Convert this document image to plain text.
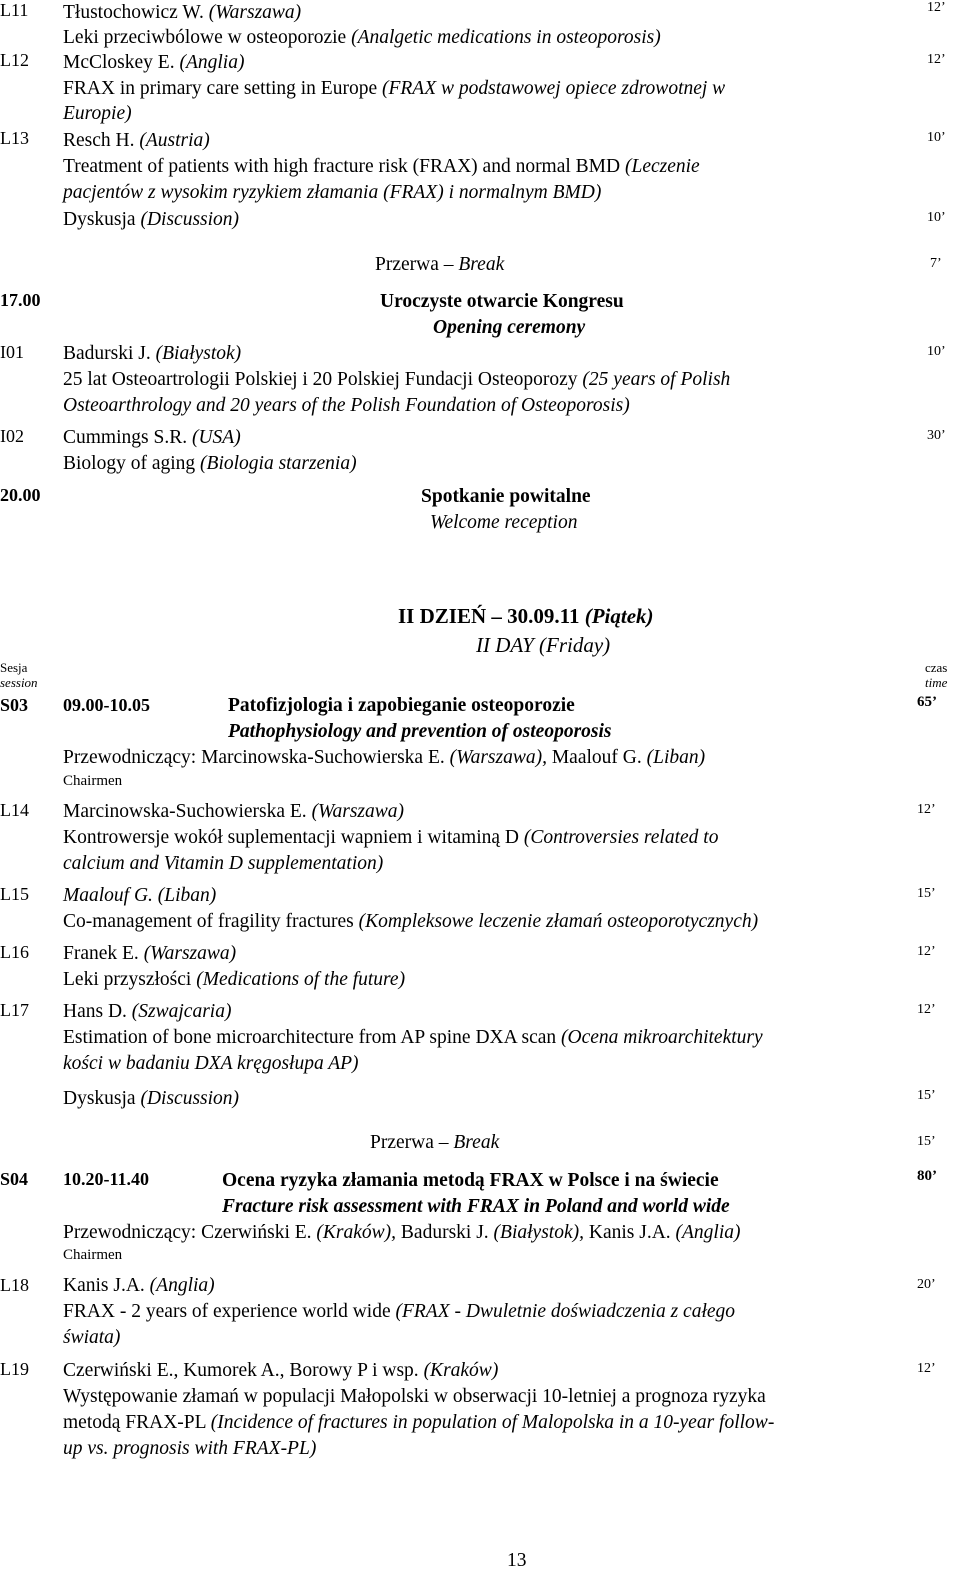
L11 Tłustochowicz W. (Warszawa)	12’
Leki przeciwbólowe w osteoporozie (Analgetic medications in osteoporosis)
L12 McCloskey E. (Anglia)	12’
FRAX in primary care setting in Europe (FRAX w podstawowej opiece zdrowotnej w
Europie)
L13 Resch H. (Austria)	10’
Treatment of patients with high fracture risk (FRAX) and normal BMD (Leczenie
pacjentów z wysokim ryzykiem złamania (FRAX) i normalnym BMD)
Dyskusja (Discussion)	10’
Przerwa – Break	7’
17.00	Uroczyste otwarcie Kongresu
Opening ceremony
I01 Badurski J. (Białystok)	10’
25 lat Osteoartrologii Polskiej i 20 Polskiej Fundacji Osteoporozy (25 years of Polish
Osteoarthrology and 20 years of the Polish Foundation of Osteoporosis)
I02 Cummings S.R. (USA)	30’
Biology of aging (Biologia starzenia)
20.00	Spotkanie powitalne
Welcome reception
II DZIEŃ – 30.09.11 (Piątek)
II DAY (Friday)
Sesja
session
czas
time
S03 09.00-10.05	Patofizjologia i zapobieganie osteoporozie	65’
Pathophysiology and prevention of osteoporosis
Przewodniczący: Marcinowska-Suchowierska E. (Warszawa), Maalouf G. (Liban)
Chairmen
L14 Marcinowska-Suchowierska E. (Warszawa)	12’
Kontrowersje wokół suplementacji wapniem i witaminą D (Controversies related to
calcium and Vitamin D supplementation)
L15 Maalouf G. (Liban)	15’
Co-management of fragility fractures (Kompleksowe leczenie złamań osteoporotycznych)
L16 Franek E. (Warszawa)	12’
Leki przyszłości (Medications of the future)
L17 Hans D. (Szwajcaria)	12’
Estimation of bone microarchitecture from AP spine DXA scan (Ocena mikroarchitektury
kości w badaniu DXA kręgosłupa AP)
Dyskusja (Discussion)	15’
Przerwa – Break	15’
S04 10.20-11.40	Ocena ryzyka złamania metodą FRAX w Polsce i na świecie	80’
Fracture risk assessment with FRAX in Poland and world wide
Przewodniczący: Czerwiński E. (Kraków), Badurski J. (Białystok), Kanis J.A. (Anglia)
Chairmen
L18 Kanis J.A. (Anglia)	20’
FRAX - 2 years of experience world wide (FRAX - Dwuletnie doświadczenia z całego
świata)
L19 Czerwiński E., Kumorek A., Borowy P i wsp. (Kraków)	12’
Występowanie złamań w populacji Małopolski w obserwacji 10-letniej a prognoza ryzyka
metodą FRAX-PL (Incidence of fractures in population of Malopolska in a 10-year follow-
up vs. prognosis with FRAX-PL)
13
